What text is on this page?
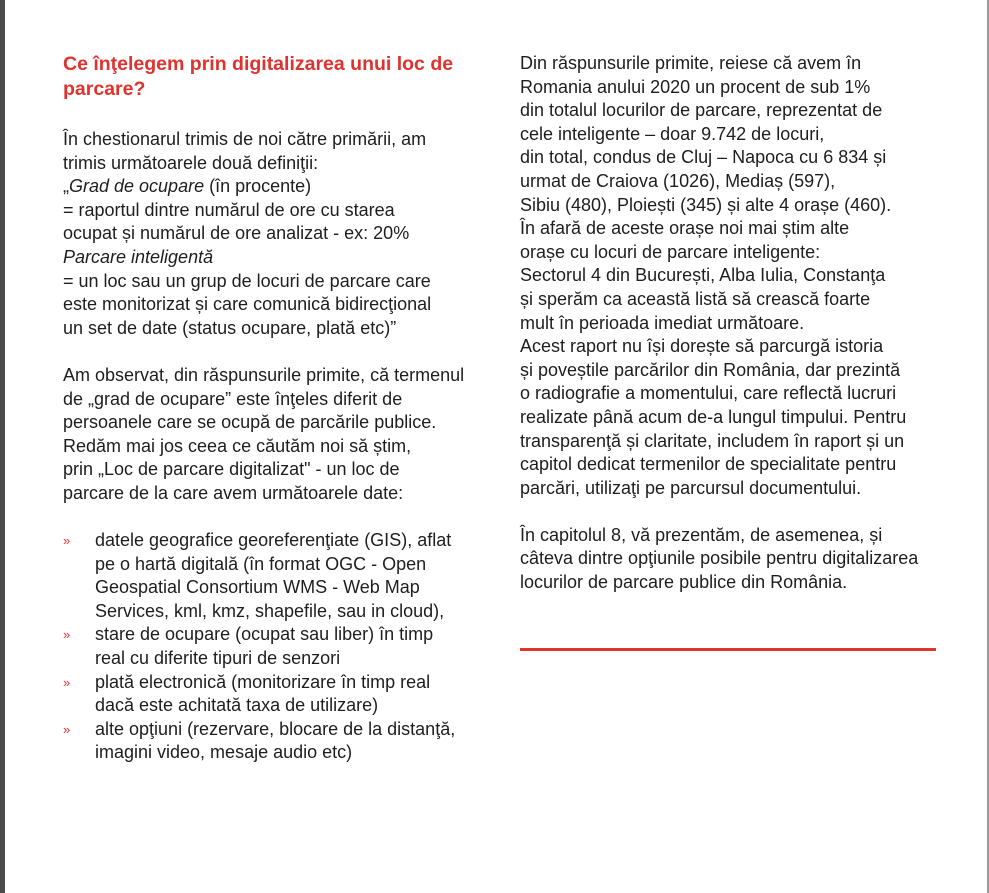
Ce înţelegem prin digitalizarea unui loc de
parcare?
În chestionarul trimis de noi către primării, am
trimis următoarele două definiţii:
„Grad de ocupare (în procente)
= raportul dintre numărul de ore cu starea
ocupat și numărul de ore analizat - ex: 20%
Parcare inteligentă
= un loc sau un grup de locuri de parcare care
este monitorizat și care comunică bidirecţional
un set de date (status ocupare, plată etc)”
Am observat, din răspunsurile primite, că termenul
de „grad de ocupare” este înţeles diferit de
persoanele care se ocupă de parcările publice.
Redăm mai jos ceea ce căutăm noi să știm,
prin „Loc de parcare digitalizat" - un loc de
parcare de la care avem următoarele date:
» datele geografice georeferenţiate (GIS), aflat
pe o hartă digitală (în format OGC - Open
Geospatial Consortium WMS - Web Map
Services, kml, kmz, shapefile, sau in cloud),
» stare de ocupare (ocupat sau liber) în timp
real cu diferite tipuri de senzori
» plată electronică (monitorizare în timp real
dacă este achitată taxa de utilizare)
» alte opţiuni (rezervare, blocare de la distanţă,
imagini video, mesaje audio etc)
Din răspunsurile primite, reiese că avem în
Romania anului 2020 un procent de sub 1%
din totalul locurilor de parcare, reprezentat de
cele inteligente – doar 9.742 de locuri,
din total, condus de Cluj – Napoca cu 6 834 și
urmat de Craiova (1026), Mediaș (597),
Sibiu (480), Ploiești (345) și alte 4 orașe (460).
În afară de aceste orașe noi mai știm alte
orașe cu locuri de parcare inteligente:
Sectorul 4 din București, Alba Iulia, Constanţa
și sperăm ca această listă să crească foarte
mult în perioada imediat următoare.
Acest raport nu își dorește să parcurgă istoria
și poveștile parcărilor din România, dar prezintă
o radiografie a momentului, care reflectă lucruri
realizate până acum de-a lungul timpului. Pentru
transparenţă și claritate, includem în raport și un
capitol dedicat termenilor de specialitate pentru
parcări, utilizaţi pe parcursul documentului.
În capitolul 8, vă prezentăm, de asemenea, și
câteva dintre opţiunile posibile pentru digitalizarea
locurilor de parcare publice din România.
